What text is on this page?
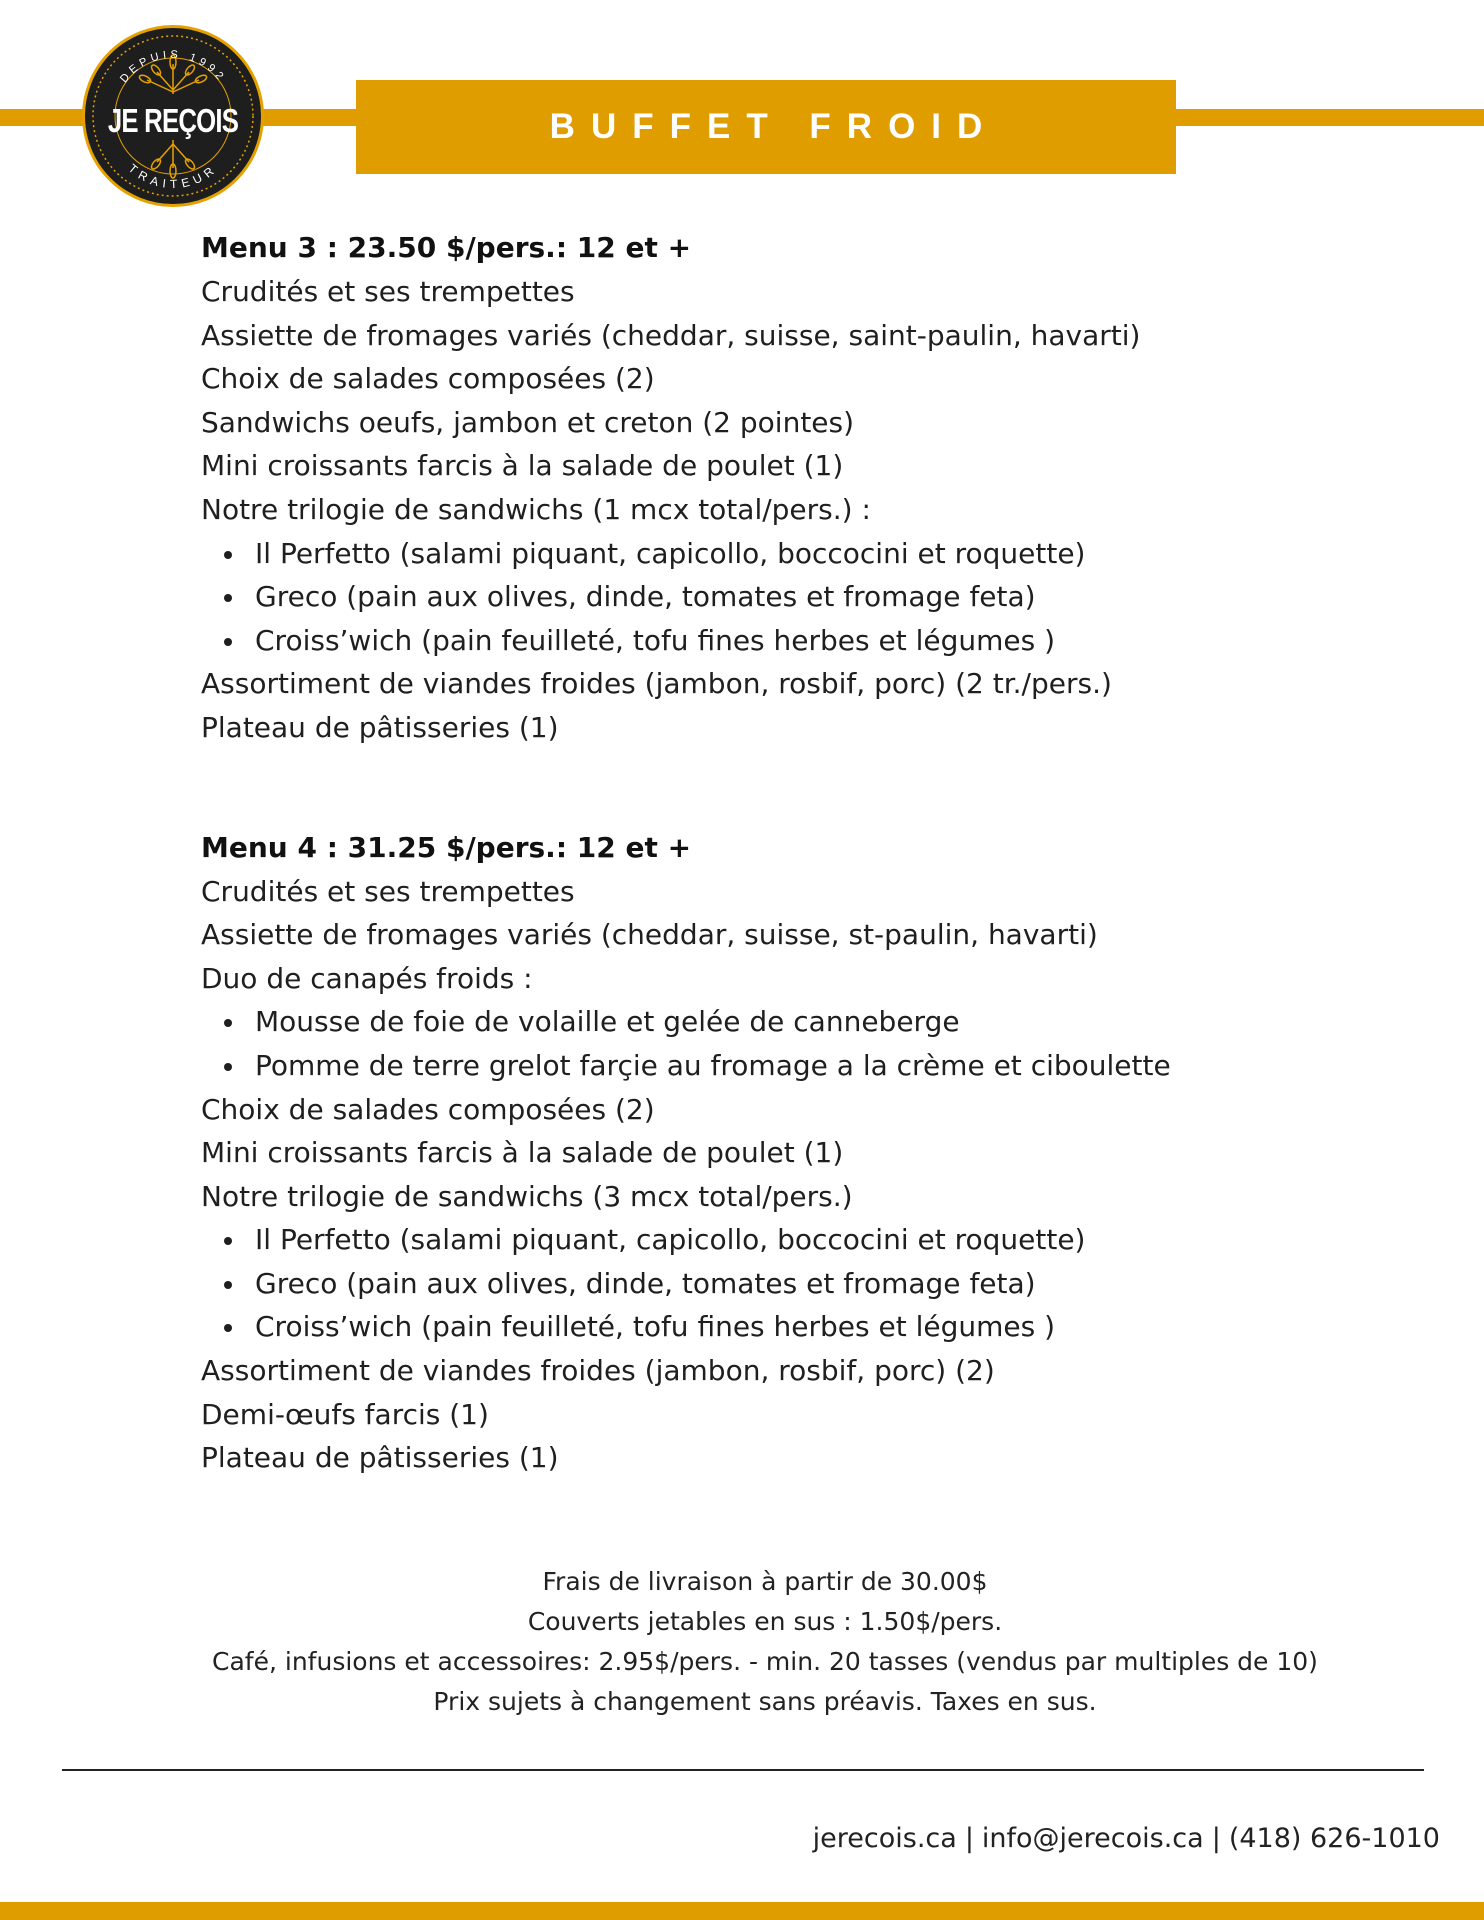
DEPUIS 1992
TRAITEUR
JE REÇOIS	BUFFET FROID
Menu 3 : 23.50 $/pers.: 12 et +
Crudités et ses trempettes
Assiette de fromages variés (cheddar, suisse, saint-paulin, havarti)
Choix de salades composées (2)
Sandwichs oeufs, jambon et creton (2 pointes)
Mini croissants farcis à la salade de poulet (1)
Notre trilogie de sandwichs (1 mcx total/pers.) :
Il Perfetto (salami piquant, capicollo, boccocini et roquette)
Greco (pain aux olives, dinde, tomates et fromage feta)
Croiss’wich (pain feuilleté, tofu fines herbes et légumes )
Assortiment de viandes froides (jambon, rosbif, porc) (2 tr./pers.)
Plateau de pâtisseries (1)
Menu 4 : 31.25 $/pers.: 12 et +
Crudités et ses trempettes
Assiette de fromages variés (cheddar, suisse, st-paulin, havarti)
Duo de canapés froids :
Mousse de foie de volaille et gelée de canneberge
Pomme de terre grelot farçie au fromage a la crème et ciboulette
Choix de salades composées (2)
Mini croissants farcis à la salade de poulet (1)
Notre trilogie de sandwichs (3 mcx total/pers.)
Il Perfetto (salami piquant, capicollo, boccocini et roquette)
Greco (pain aux olives, dinde, tomates et fromage feta)
Croiss’wich (pain feuilleté, tofu fines herbes et légumes )
Assortiment de viandes froides (jambon, rosbif, porc) (2)
Demi-œufs farcis (1)
Plateau de pâtisseries (1)
Frais de livraison à partir de 30.00$
Couverts jetables en sus : 1.50$/pers.
Café, infusions et accessoires: 2.95$/pers. - min. 20 tasses (vendus par multiples de 10)
Prix sujets à changement sans préavis. Taxes en sus.
jerecois.ca | info@jerecois.ca | (418) 626-1010
